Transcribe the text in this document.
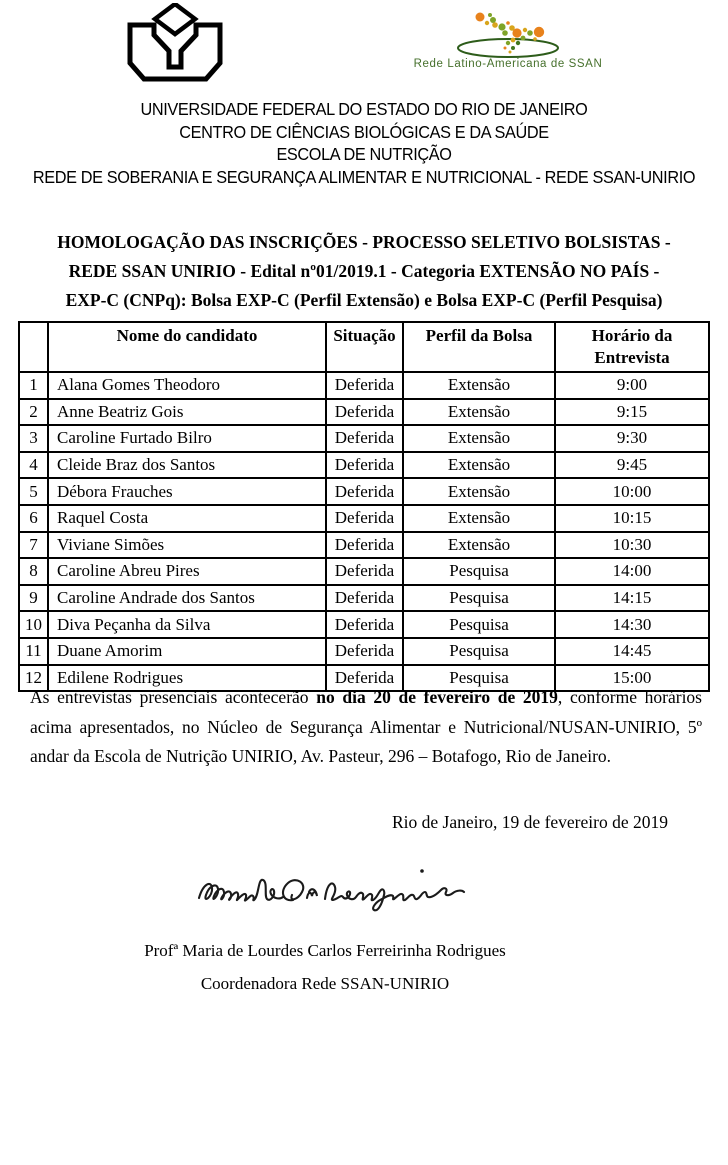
Rede Latino-Americana de SSAN
UNIVERSIDADE FEDERAL DO ESTADO DO RIO DE JANEIRO
CENTRO DE CIÊNCIAS BIOLÓGICAS E DA SAÚDE
ESCOLA DE NUTRIÇÃO
REDE DE SOBERANIA E SEGURANÇA ALIMENTAR E NUTRICIONAL - REDE SSAN-UNIRIO
HOMOLOGAÇÃO DAS INSCRIÇÕES - PROCESSO SELETIVO BOLSISTAS -
REDE SSAN UNIRIO - Edital nº01/2019.1 - Categoria EXTENSÃO NO PAÍS -
EXP-C (CNPq): Bolsa EXP-C (Perfil Extensão) e Bolsa EXP-C (Perfil Pesquisa)
	Nome do candidato	Situação	Perfil da Bolsa	Horário da Entrevista
1	Alana Gomes Theodoro	Deferida	Extensão	9:00
2	Anne Beatriz Gois	Deferida	Extensão	9:15
3	Caroline Furtado Bilro	Deferida	Extensão	9:30
4	Cleide Braz dos Santos	Deferida	Extensão	9:45
5	Débora Frauches	Deferida	Extensão	10:00
6	Raquel Costa	Deferida	Extensão	10:15
7	Viviane Simões	Deferida	Extensão	10:30
8	Caroline Abreu Pires	Deferida	Pesquisa	14:00
9	Caroline Andrade dos Santos	Deferida	Pesquisa	14:15
10	Diva Peçanha da Silva	Deferida	Pesquisa	14:30
11	Duane Amorim	Deferida	Pesquisa	14:45
12	Edilene Rodrigues	Deferida	Pesquisa	15:00
As entrevistas presenciais acontecerão no dia 20 de fevereiro de 2019, conforme horários acima apresentados, no Núcleo de Segurança Alimentar e Nutricional/NUSAN-UNIRIO, 5º andar da Escola de Nutrição UNIRIO, Av. Pasteur, 296 – Botafogo, Rio de Janeiro.
Rio de Janeiro, 19 de fevereiro de 2019
Profª Maria de Lourdes Carlos Ferreirinha Rodrigues
Coordenadora Rede SSAN-UNIRIO
